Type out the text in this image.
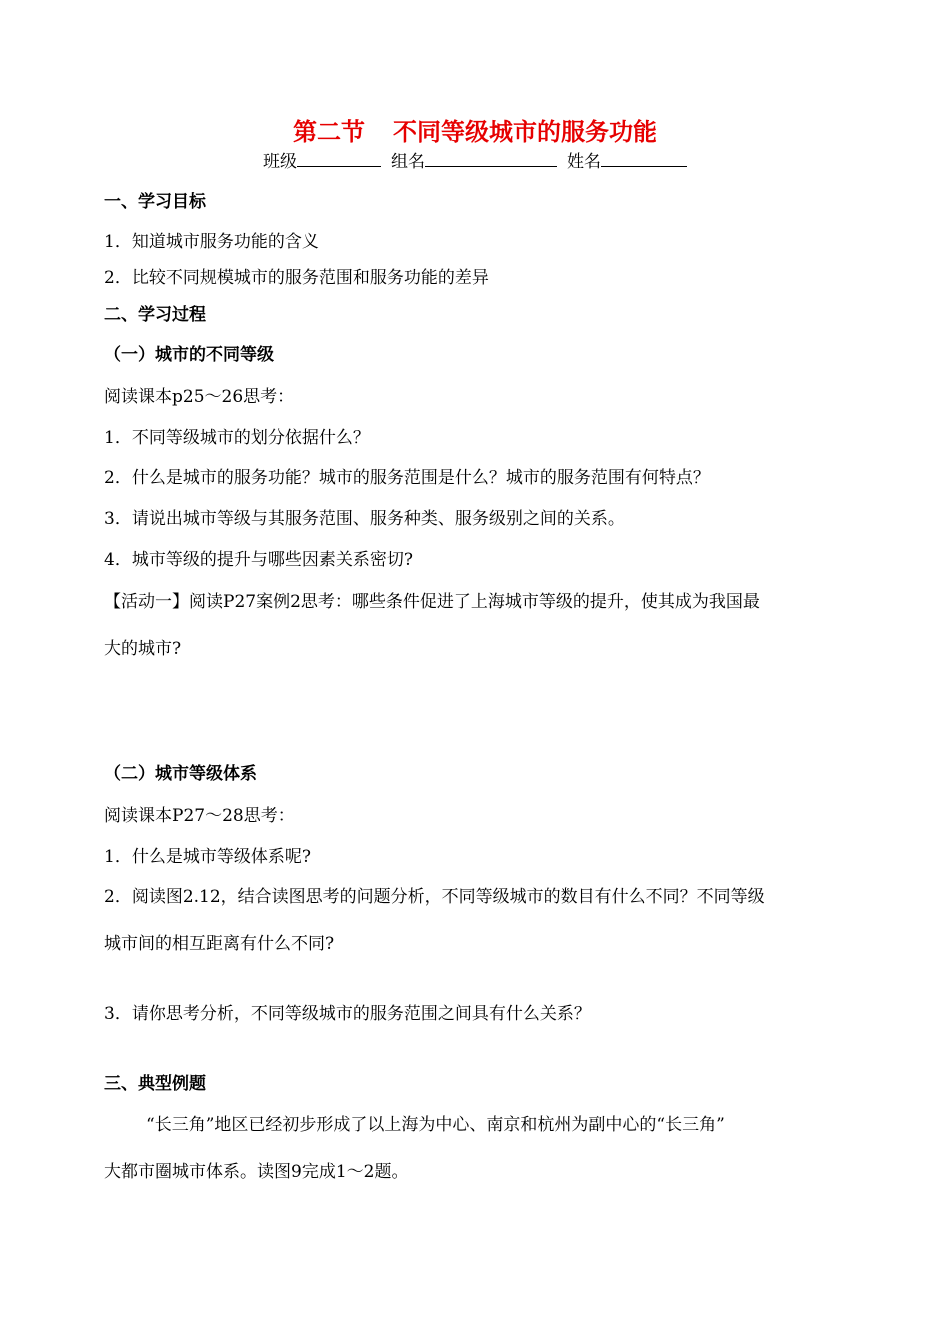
第二节 不同等级城市的服务功能
班级	组名	姓名
一、学习目标
1．知道城市服务功能的含义
2．比较不同规模城市的服务范围和服务功能的差异
二、学习过程
（一）城市的不同等级
阅读课本p25～26思考：
1．不同等级城市的划分依据什么？
2．什么是城市的服务功能？城市的服务范围是什么？城市的服务范围有何特点？
3．请说出城市等级与其服务范围、服务种类、服务级别之间的关系。
4．城市等级的提升与哪些因素关系密切?
【活动一】阅读P27案例2思考：哪些条件促进了上海城市等级的提升，使其成为我国最
大的城市?
（二）城市等级体系
阅读课本P27～28思考：
1．什么是城市等级体系呢?
2．阅读图2.12，结合读图思考的问题分析，不同等级城市的数目有什么不同？不同等级
城市间的相互距离有什么不同?
3．请你思考分析，不同等级城市的服务范围之间具有什么关系？
三、典型例题
“长三角”地区已经初步形成了以上海为中心、南京和杭州为副中心的“长三角”
大都市圈城市体系。读图9完成1～2题。
